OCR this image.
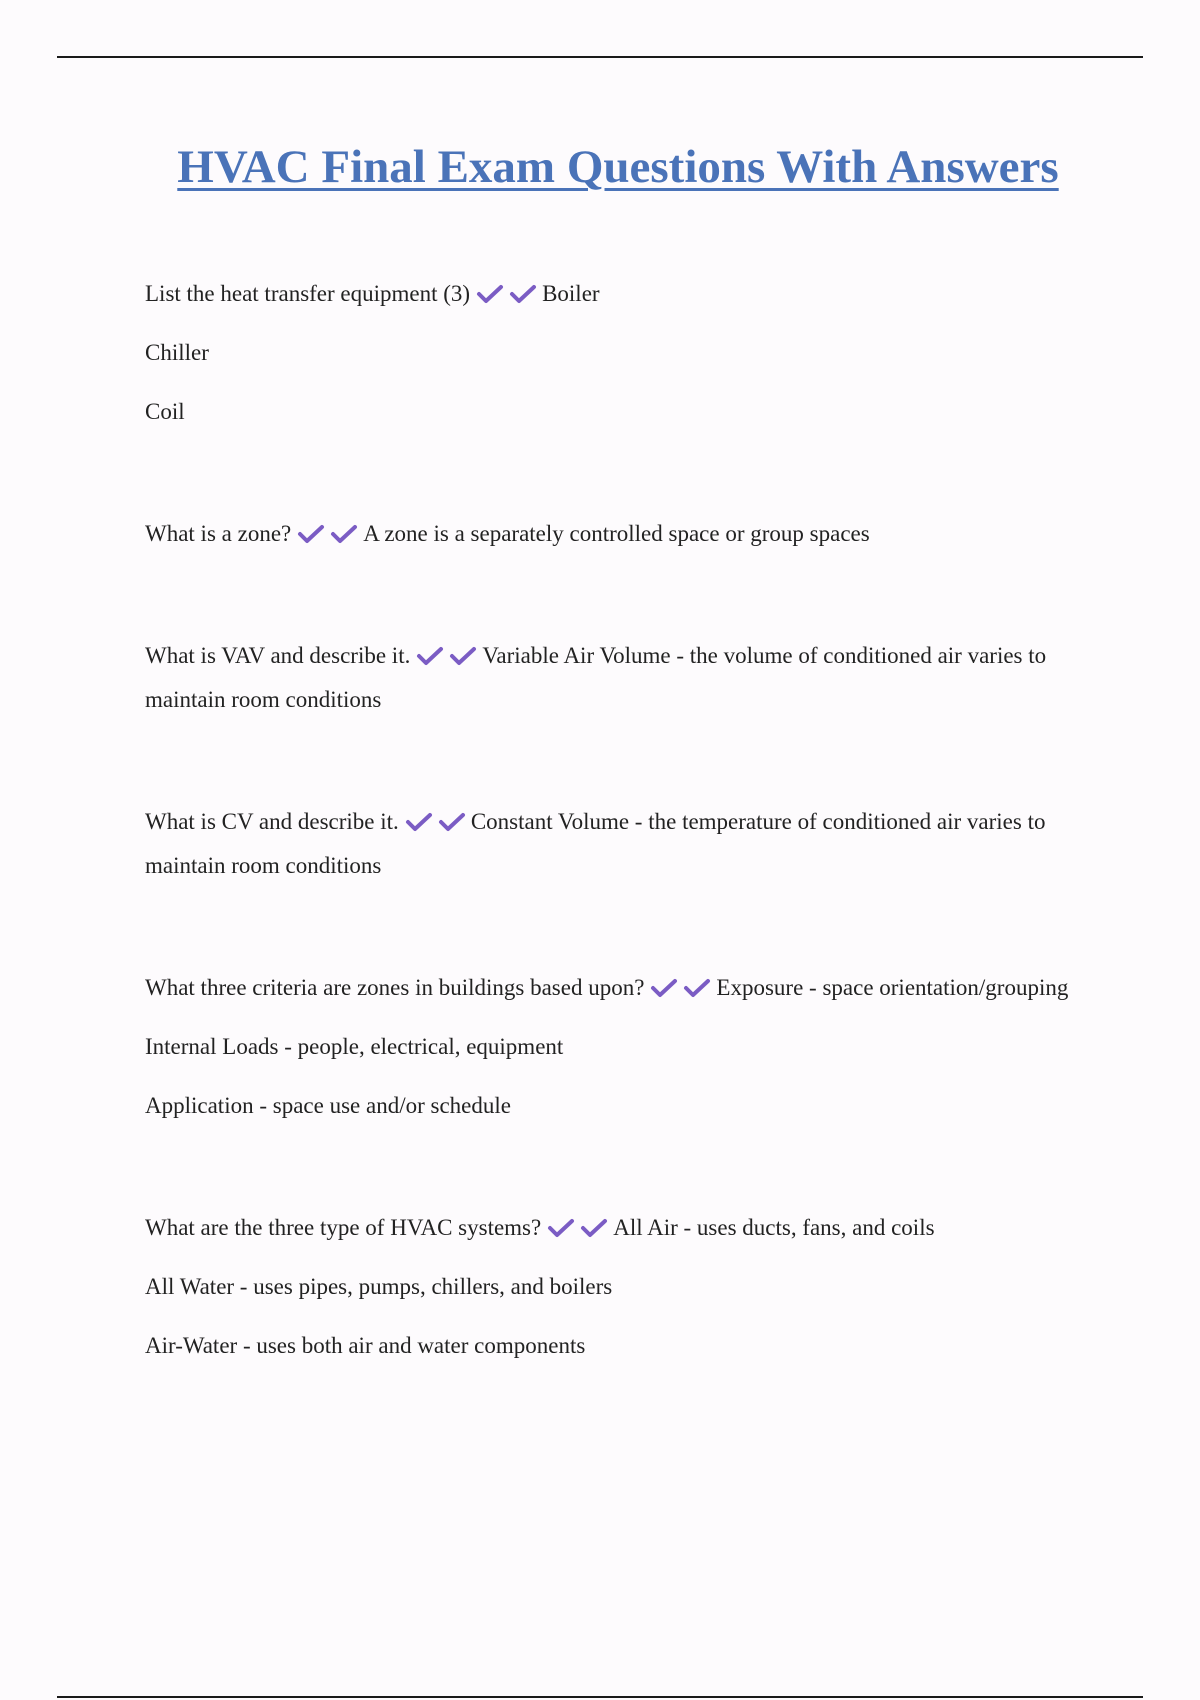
HVAC Final Exam Questions With Answers

List the heat transfer equipment (3)	Boiler

Chiller

Coil

What is a zone?	A zone is a separately controlled space or group spaces

What is VAV and describe it.	Variable Air Volume - the volume of conditioned air varies to maintain room conditions

What is CV and describe it.	Constant Volume - the temperature of conditioned air varies to maintain room conditions

What three criteria are zones in buildings based upon?	Exposure - space orientation/grouping

Internal Loads - people, electrical, equipment

Application - space use and/or schedule

What are the three type of HVAC systems?	All Air - uses ducts, fans, and coils

All Water - uses pipes, pumps, chillers, and boilers

Air-Water - uses both air and water components
